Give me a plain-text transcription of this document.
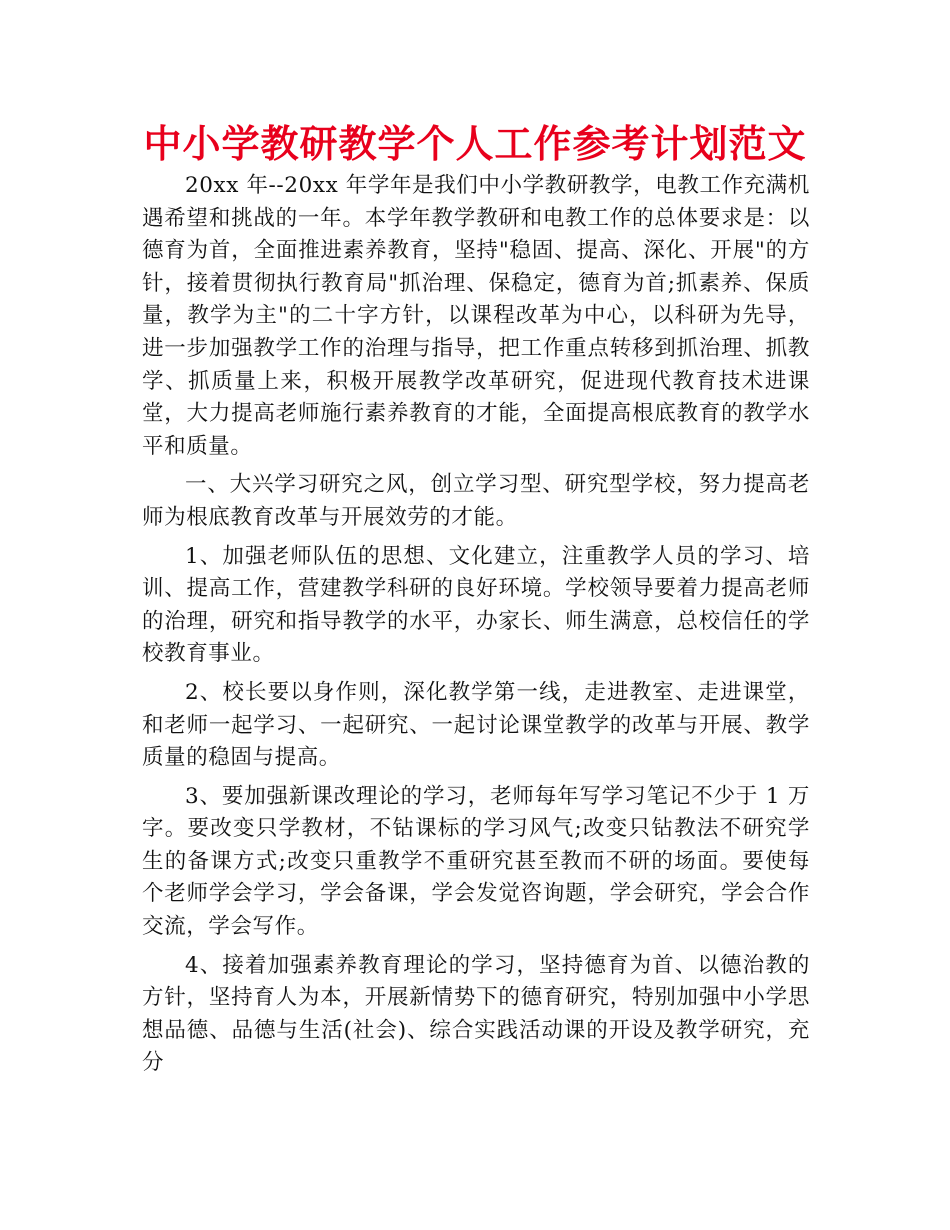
中小学教研教学个人工作参考计划范文

20xx 年--20xx 年学年是我们中小学教研教学，电教工作充满机遇希望和挑战的一年。本学年教学教研和电教工作的总体要求是：以德育为首，全面推进素养教育，坚持"稳固、提高、深化、开展"的方针，接着贯彻执行教育局"抓治理、保稳定，德育为首;抓素养、保质量，教学为主"的二十字方针，以课程改革为中心，以科研为先导，进一步加强教学工作的治理与指导，把工作重点转移到抓治理、抓教学、抓质量上来，积极开展教学改革研究，促进现代教育技术进课堂，大力提高老师施行素养教育的才能，全面提高根底教育的教学水平和质量。

一、大兴学习研究之风，创立学习型、研究型学校，努力提高老师为根底教育改革与开展效劳的才能。

1、加强老师队伍的思想、文化建立，注重教学人员的学习、培训、提高工作，营建教学科研的良好环境。学校领导要着力提高老师的治理，研究和指导教学的水平，办家长、师生满意，总校信任的学校教育事业。

2、校长要以身作则，深化教学第一线，走进教室、走进课堂，和老师一起学习、一起研究、一起讨论课堂教学的改革与开展、教学质量的稳固与提高。

3、要加强新课改理论的学习，老师每年写学习笔记不少于 1 万字。要改变只学教材，不钻课标的学习风气;改变只钻教法不研究学生的备课方式;改变只重教学不重研究甚至教而不研的场面。要使每个老师学会学习，学会备课，学会发觉咨询题，学会研究，学会合作交流，学会写作。

4、接着加强素养教育理论的学习，坚持德育为首、以德治教的方针，坚持育人为本，开展新情势下的德育研究，特别加强中小学思想品德、品德与生活(社会)、综合实践活动课的开设及教学研究，充分
